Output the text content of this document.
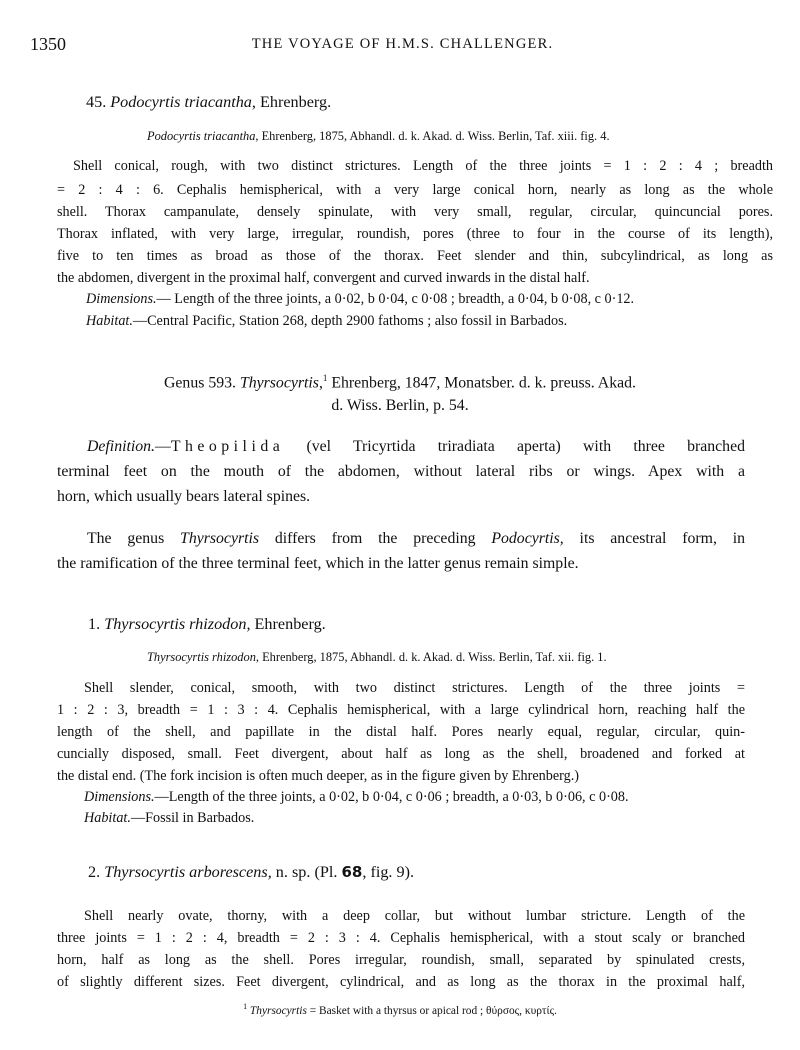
1350	THE VOYAGE OF H.M.S. CHALLENGER.
45. Podocyrtis triacantha, Ehrenberg.
Podocyrtis triacantha, Ehrenberg, 1875, Abhandl. d. k. Akad. d. Wiss. Berlin, Taf. xiii. fig. 4.
Shell conical, rough, with two distinct strictures. Length of the three joints = 1 : 2 : 4 ; breadth
= 2 : 4 : 6. Cephalis hemispherical, with a very large conical horn, nearly as long as the whole
shell. Thorax campanulate, densely spinulate, with very small, regular, circular, quincuncial pores.
Thorax inflated, with very large, irregular, roundish, pores (three to four in the course of its length),
five to ten times as broad as those of the thorax. Feet slender and thin, subcylindrical, as long as
the abdomen, divergent in the proximal half, convergent and curved inwards in the distal half.
Dimensions.— Length of the three joints, a 0·02, b 0·04, c 0·08 ; breadth, a 0·04, b 0·08, c 0·12.
Habitat.—Central Pacific, Station 268, depth 2900 fathoms ; also fossil in Barbados.
Genus 593. Thyrsocyrtis,$^1$ Ehrenberg, 1847, Monatsber. d. k. preuss. Akad.
d. Wiss. Berlin, p. 54.
Definition.—Theopilida (vel Tricyrtida triradiata aperta) with three branched
terminal feet on the mouth of the abdomen, without lateral ribs or wings. Apex with a
horn, which usually bears lateral spines.
The genus Thyrsocyrtis differs from the preceding Podocyrtis, its ancestral form, in
the ramification of the three terminal feet, which in the latter genus remain simple.
1. Thyrsocyrtis rhizodon, Ehrenberg.
Thyrsocyrtis rhizodon, Ehrenberg, 1875, Abhandl. d. k. Akad. d. Wiss. Berlin, Taf. xii. fig. 1.
Shell slender, conical, smooth, with two distinct strictures. Length of the three joints =
1 : 2 : 3, breadth = 1 : 3 : 4. Cephalis hemispherical, with a large cylindrical horn, reaching half the
length of the shell, and papillate in the distal half. Pores nearly equal, regular, circular, quin-
cuncially disposed, small. Feet divergent, about half as long as the shell, broadened and forked at
the distal end. (The fork incision is often much deeper, as in the figure given by Ehrenberg.)
Dimensions.—Length of the three joints, a 0·02, b 0·04, c 0·06 ; breadth, a 0·03, b 0·06, c 0·08.
Habitat.—Fossil in Barbados.
2. Thyrsocyrtis arborescens, n. sp. (Pl. 68, fig. 9).
Shell nearly ovate, thorny, with a deep collar, but without lumbar stricture. Length of the
three joints = 1 : 2 : 4, breadth = 2 : 3 : 4. Cephalis hemispherical, with a stout scaly or branched
horn, half as long as the shell. Pores irregular, roundish, small, separated by spinulated crests,
of slightly different sizes. Feet divergent, cylindrical, and as long as the thorax in the proximal half,
$^1$ Thyrsocyrtis = Basket with a thyrsus or apical rod ; θύρσος, κυρτίς.
